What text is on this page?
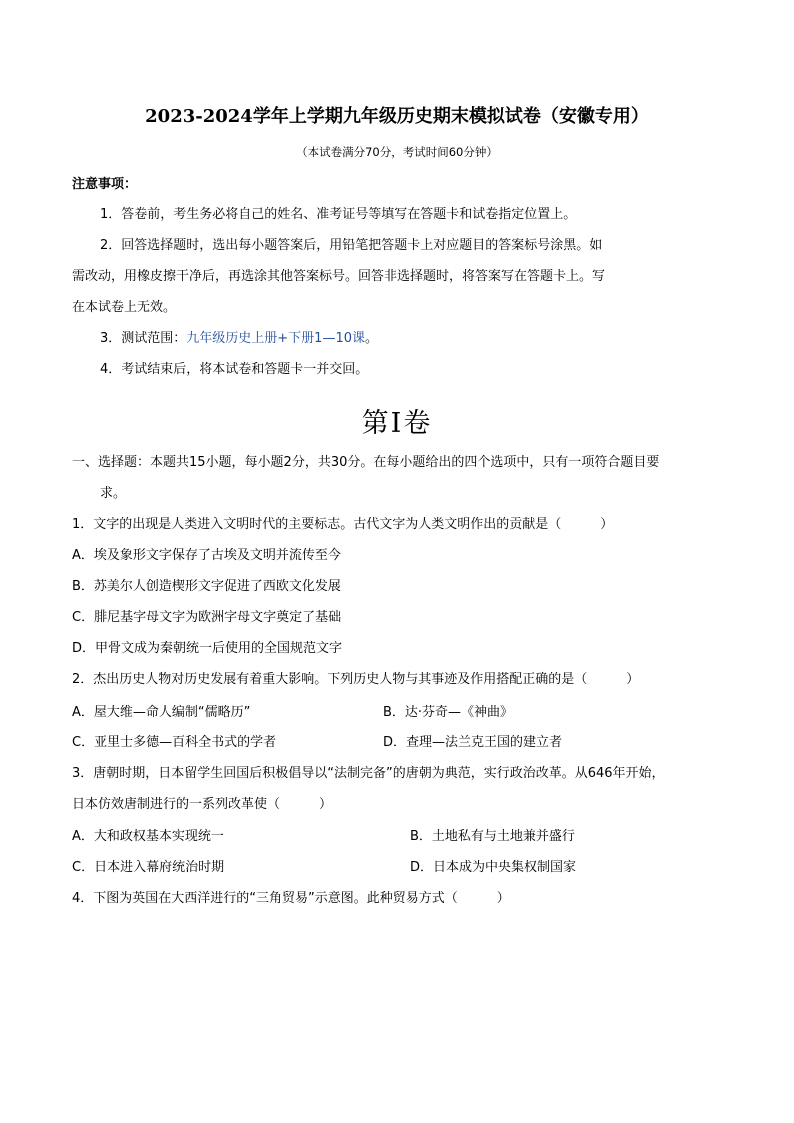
2023-2024学年上学期九年级历史期末模拟试卷（安徽专用）
（本试卷满分70分，考试时间60分钟）
注意事项：
1．答卷前，考生务必将自己的姓名、准考证号等填写在答题卡和试卷指定位置上。
2．回答选择题时，选出每小题答案后，用铅笔把答题卡上对应题目的答案标号涂黑。如
需改动，用橡皮擦干净后，再选涂其他答案标号。回答非选择题时，将答案写在答题卡上。写
在本试卷上无效。
3．测试范围：九年级历史上册+下册1—10课。
4．考试结束后，将本试卷和答题卡一并交回。
第I卷
一、选择题：本题共15小题，每小题2分，共30分。在每小题给出的四个选项中，只有一项符合题目要
求。
1．文字的出现是人类进入文明时代的主要标志。古代文字为人类文明作出的贡献是（　　　）
A．埃及象形文字保存了古埃及文明并流传至今
B．苏美尔人创造楔形文字促进了西欧文化发展
C．腓尼基字母文字为欧洲字母文字奠定了基础
D．甲骨文成为秦朝统一后使用的全国规范文字
2．杰出历史人物对历史发展有着重大影响。下列历史人物与其事迹及作用搭配正确的是（　　　）
A．屋大维—命人编制“儒略历”	B．达·芬奇—《神曲》
C．亚里士多德—百科全书式的学者	D．查理—法兰克王国的建立者
3．唐朝时期，日本留学生回国后积极倡导以“法制完备”的唐朝为典范，实行政治改革。从646年开始，
日本仿效唐制进行的一系列改革使（　　　）
A．大和政权基本实现统一	B．土地私有与土地兼并盛行
C．日本进入幕府统治时期	D．日本成为中央集权制国家
4．下图为英国在大西洋进行的“三角贸易”示意图。此种贸易方式（　　　）
